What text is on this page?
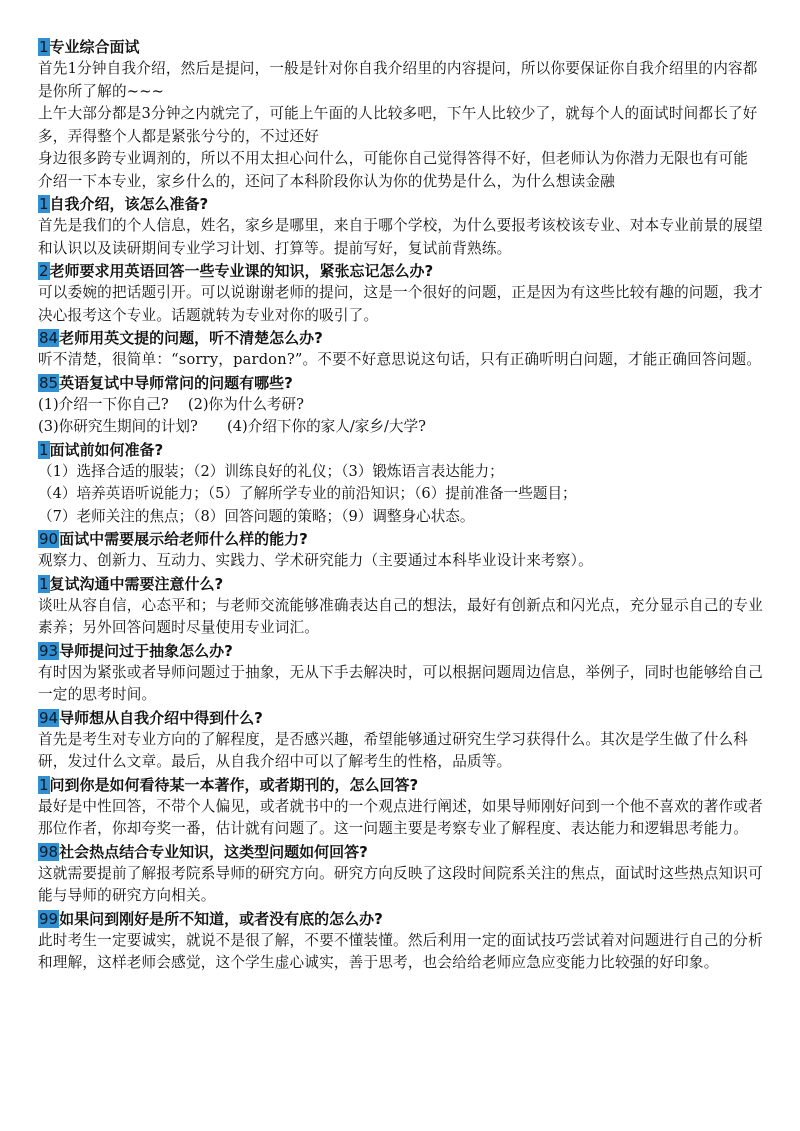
1专业综合面试

首先1分钟自我介绍，然后是提问，一般是针对你自我介绍里的内容提问，所以你要保证你自我介绍里的内容都是你所了解的~~~

上午大部分都是3分钟之内就完了，可能上午面的人比较多吧，下午人比较少了，就每个人的面试时间都长了好多，弄得整个人都是紧张兮兮的，不过还好

身边很多跨专业调剂的，所以不用太担心问什么，可能你自己觉得答得不好，但老师认为你潜力无限也有可能

介绍一下本专业，家乡什么的，还问了本科阶段你认为你的优势是什么，为什么想读金融

1自我介绍，该怎么准备?

首先是我们的个人信息，姓名，家乡是哪里，来自于哪个学校，为什么要报考该校该专业、对本专业前景的展望和认识以及读研期间专业学习计划、打算等。提前写好，复试前背熟练。

2老师要求用英语回答一些专业课的知识，紧张忘记怎么办?

可以委婉的把话题引开。可以说谢谢老师的提问，这是一个很好的问题，正是因为有这些比较有趣的问题，我才决心报考这个专业。话题就转为专业对你的吸引了。

84老师用英文提的问题，听不清楚怎么办?

听不清楚，很简单：“sorry，pardon?”。不要不好意思说这句话，只有正确听明白问题，才能正确回答问题。

85英语复试中导师常问的问题有哪些?

(1)介绍一下你自己?　 (2)你为什么考研?

(3)你研究生期间的计划?　　(4)介绍下你的家人/家乡/大学?

1面试前如何准备?

（1）选择合适的服装；（2）训练良好的礼仪；（3）锻炼语言表达能力；

（4）培养英语听说能力；（5）了解所学专业的前沿知识；（6）提前准备一些题目；

（7）老师关注的焦点；（8）回答问题的策略；（9）调整身心状态。

90面试中需要展示给老师什么样的能力?

观察力、创新力、互动力、实践力、学术研究能力（主要通过本科毕业设计来考察）。

1复试沟通中需要注意什么?

谈吐从容自信，心态平和；与老师交流能够准确表达自己的想法，最好有创新点和闪光点，充分显示自己的专业素养；另外回答问题时尽量使用专业词汇。

93导师提问过于抽象怎么办?

有时因为紧张或者导师问题过于抽象，无从下手去解决时，可以根据问题周边信息，举例子，同时也能够给自己一定的思考时间。

94导师想从自我介绍中得到什么?

首先是考生对专业方向的了解程度，是否感兴趣，希望能够通过研究生学习获得什么。其次是学生做了什么科研，发过什么文章。最后，从自我介绍中可以了解考生的性格，品质等。

1问到你是如何看待某一本著作，或者期刊的，怎么回答?

最好是中性回答，不带个人偏见，或者就书中的一个观点进行阐述，如果导师刚好问到一个他不喜欢的著作或者那位作者，你却夸奖一番，估计就有问题了。这一问题主要是考察专业了解程度、表达能力和逻辑思考能力。

98社会热点结合专业知识，这类型问题如何回答?

这就需要提前了解报考院系导师的研究方向。研究方向反映了这段时间院系关注的焦点，面试时这些热点知识可能与导师的研究方向相关。

99如果问到刚好是所不知道，或者没有底的怎么办?

此时考生一定要诚实，就说不是很了解，不要不懂装懂。然后利用一定的面试技巧尝试着对问题进行自己的分析和理解，这样老师会感觉，这个学生虚心诚实，善于思考，也会给给老师应急应变能力比较强的好印象。
